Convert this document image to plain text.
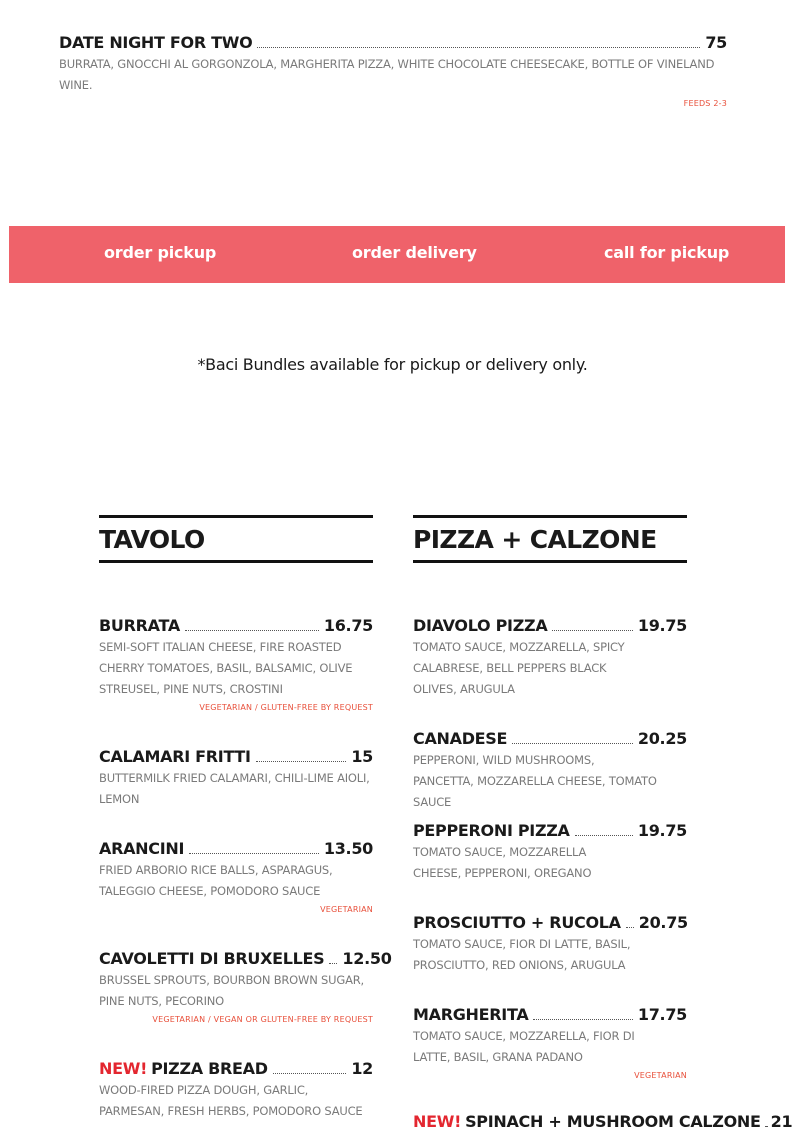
DATE NIGHT FOR TWO	75
BURRATA, GNOCCHI AL GORGONZOLA, MARGHERITA PIZZA, WHITE CHOCOLATE CHEESECAKE, BOTTLE OF VINELAND WINE.
FEEDS 2-3
order pickup	order delivery	call for pickup
*Baci Bundles available for pickup or delivery only.
TAVOLO	PIZZA + CALZONE
BURRATA	16.75
SEMI-SOFT ITALIAN CHEESE, FIRE ROASTED CHERRY TOMATOES, BASIL, BALSAMIC, OLIVE STREUSEL, PINE NUTS, CROSTINI
VEGETARIAN / GLUTEN-FREE BY REQUEST
CALAMARI FRITTI	15
BUTTERMILK FRIED CALAMARI, CHILI-LIME AIOLI, LEMON
ARANCINI	13.50
FRIED ARBORIO RICE BALLS, ASPARAGUS, TALEGGIO CHEESE, POMODORO SAUCE
VEGETARIAN
CAVOLETTI DI BRUXELLES 12.50
BRUSSEL SPROUTS, BOURBON BROWN SUGAR, PINE NUTS, PECORINO
VEGETARIAN / VEGAN OR GLUTEN-FREE BY REQUEST
NEW! PIZZA BREAD	12
WOOD-FIRED PIZZA DOUGH, GARLIC, PARMESAN, FRESH HERBS, POMODORO SAUCE
DIAVOLO PIZZA	19.75
TOMATO SAUCE, MOZZARELLA, SPICY CALABRESE, BELL PEPPERS BLACK OLIVES, ARUGULA
CANADESE	20.25
PEPPERONI, WILD MUSHROOMS, PANCETTA, MOZZARELLA CHEESE, TOMATO SAUCE
PEPPERONI PIZZA	19.75
TOMATO SAUCE, MOZZARELLA CHEESE, PEPPERONI, OREGANO
PROSCIUTTO + RUCOLA 20.75
TOMATO SAUCE, FIOR DI LATTE, BASIL, PROSCIUTTO, RED ONIONS, ARUGULA
MARGHERITA	17.75
TOMATO SAUCE, MOZZARELLA, FIOR DI LATTE, BASIL, GRANA PADANO
VEGETARIAN
NEW! SPINACH + MUSHROOM CALZONE 21
